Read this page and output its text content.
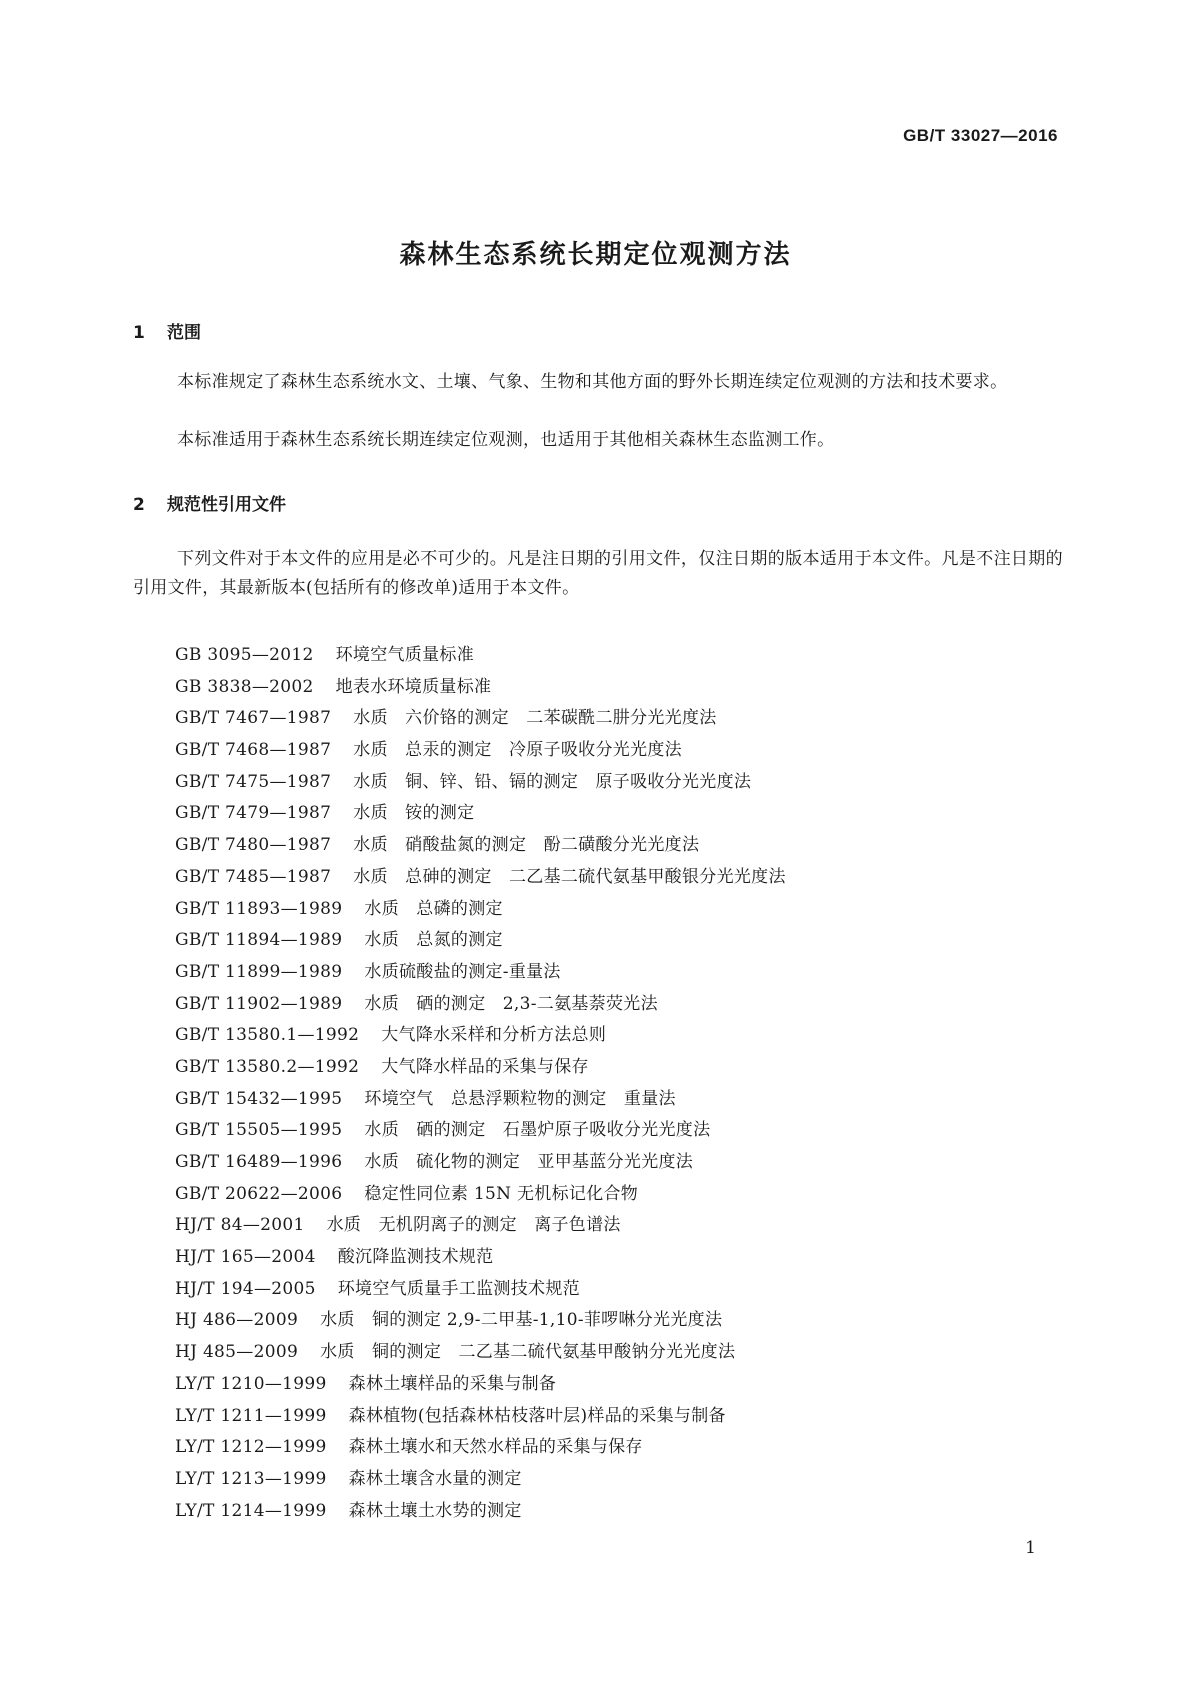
GB/T 33027—2016
森林生态系统长期定位观测方法
1 范围
本标准规定了森林生态系统水文、土壤、气象、生物和其他方面的野外长期连续定位观测的方法和技术要求。
本标准适用于森林生态系统长期连续定位观测，也适用于其他相关森林生态监测工作。
2 规范性引用文件
下列文件对于本文件的应用是必不可少的。凡是注日期的引用文件，仅注日期的版本适用于本文件。凡是不注日期的引用文件，其最新版本(包括所有的修改单)适用于本文件。
GB 3095—2012 环境空气质量标准
GB 3838—2002 地表水环境质量标准
GB/T 7467—1987 水质　六价铬的测定　二苯碳酰二肼分光光度法
GB/T 7468—1987 水质　总汞的测定　冷原子吸收分光光度法
GB/T 7475—1987 水质　铜、锌、铅、镉的测定　原子吸收分光光度法
GB/T 7479—1987 水质　铵的测定
GB/T 7480—1987 水质　硝酸盐氮的测定　酚二磺酸分光光度法
GB/T 7485—1987 水质　总砷的测定　二乙基二硫代氨基甲酸银分光光度法
GB/T 11893—1989 水质　总磷的测定
GB/T 11894—1989 水质　总氮的测定
GB/T 11899—1989 水质硫酸盐的测定-重量法
GB/T 11902—1989 水质　硒的测定　2,3-二氨基萘荧光法
GB/T 13580.1—1992 大气降水采样和分析方法总则
GB/T 13580.2—1992 大气降水样品的采集与保存
GB/T 15432—1995 环境空气　总悬浮颗粒物的测定　重量法
GB/T 15505—1995 水质　硒的测定　石墨炉原子吸收分光光度法
GB/T 16489—1996 水质　硫化物的测定　亚甲基蓝分光光度法
GB/T 20622—2006 稳定性同位素 15N 无机标记化合物
HJ/T 84—2001 水质　无机阴离子的测定　离子色谱法
HJ/T 165—2004 酸沉降监测技术规范
HJ/T 194—2005 环境空气质量手工监测技术规范
HJ 486—2009 水质　铜的测定 2,9-二甲基-1,10-菲啰啉分光光度法
HJ 485—2009 水质　铜的测定　二乙基二硫代氨基甲酸钠分光光度法
LY/T 1210—1999 森林土壤样品的采集与制备
LY/T 1211—1999 森林植物(包括森林枯枝落叶层)样品的采集与制备
LY/T 1212—1999 森林土壤水和天然水样品的采集与保存
LY/T 1213—1999 森林土壤含水量的测定
LY/T 1214—1999 森林土壤土水势的测定
1
